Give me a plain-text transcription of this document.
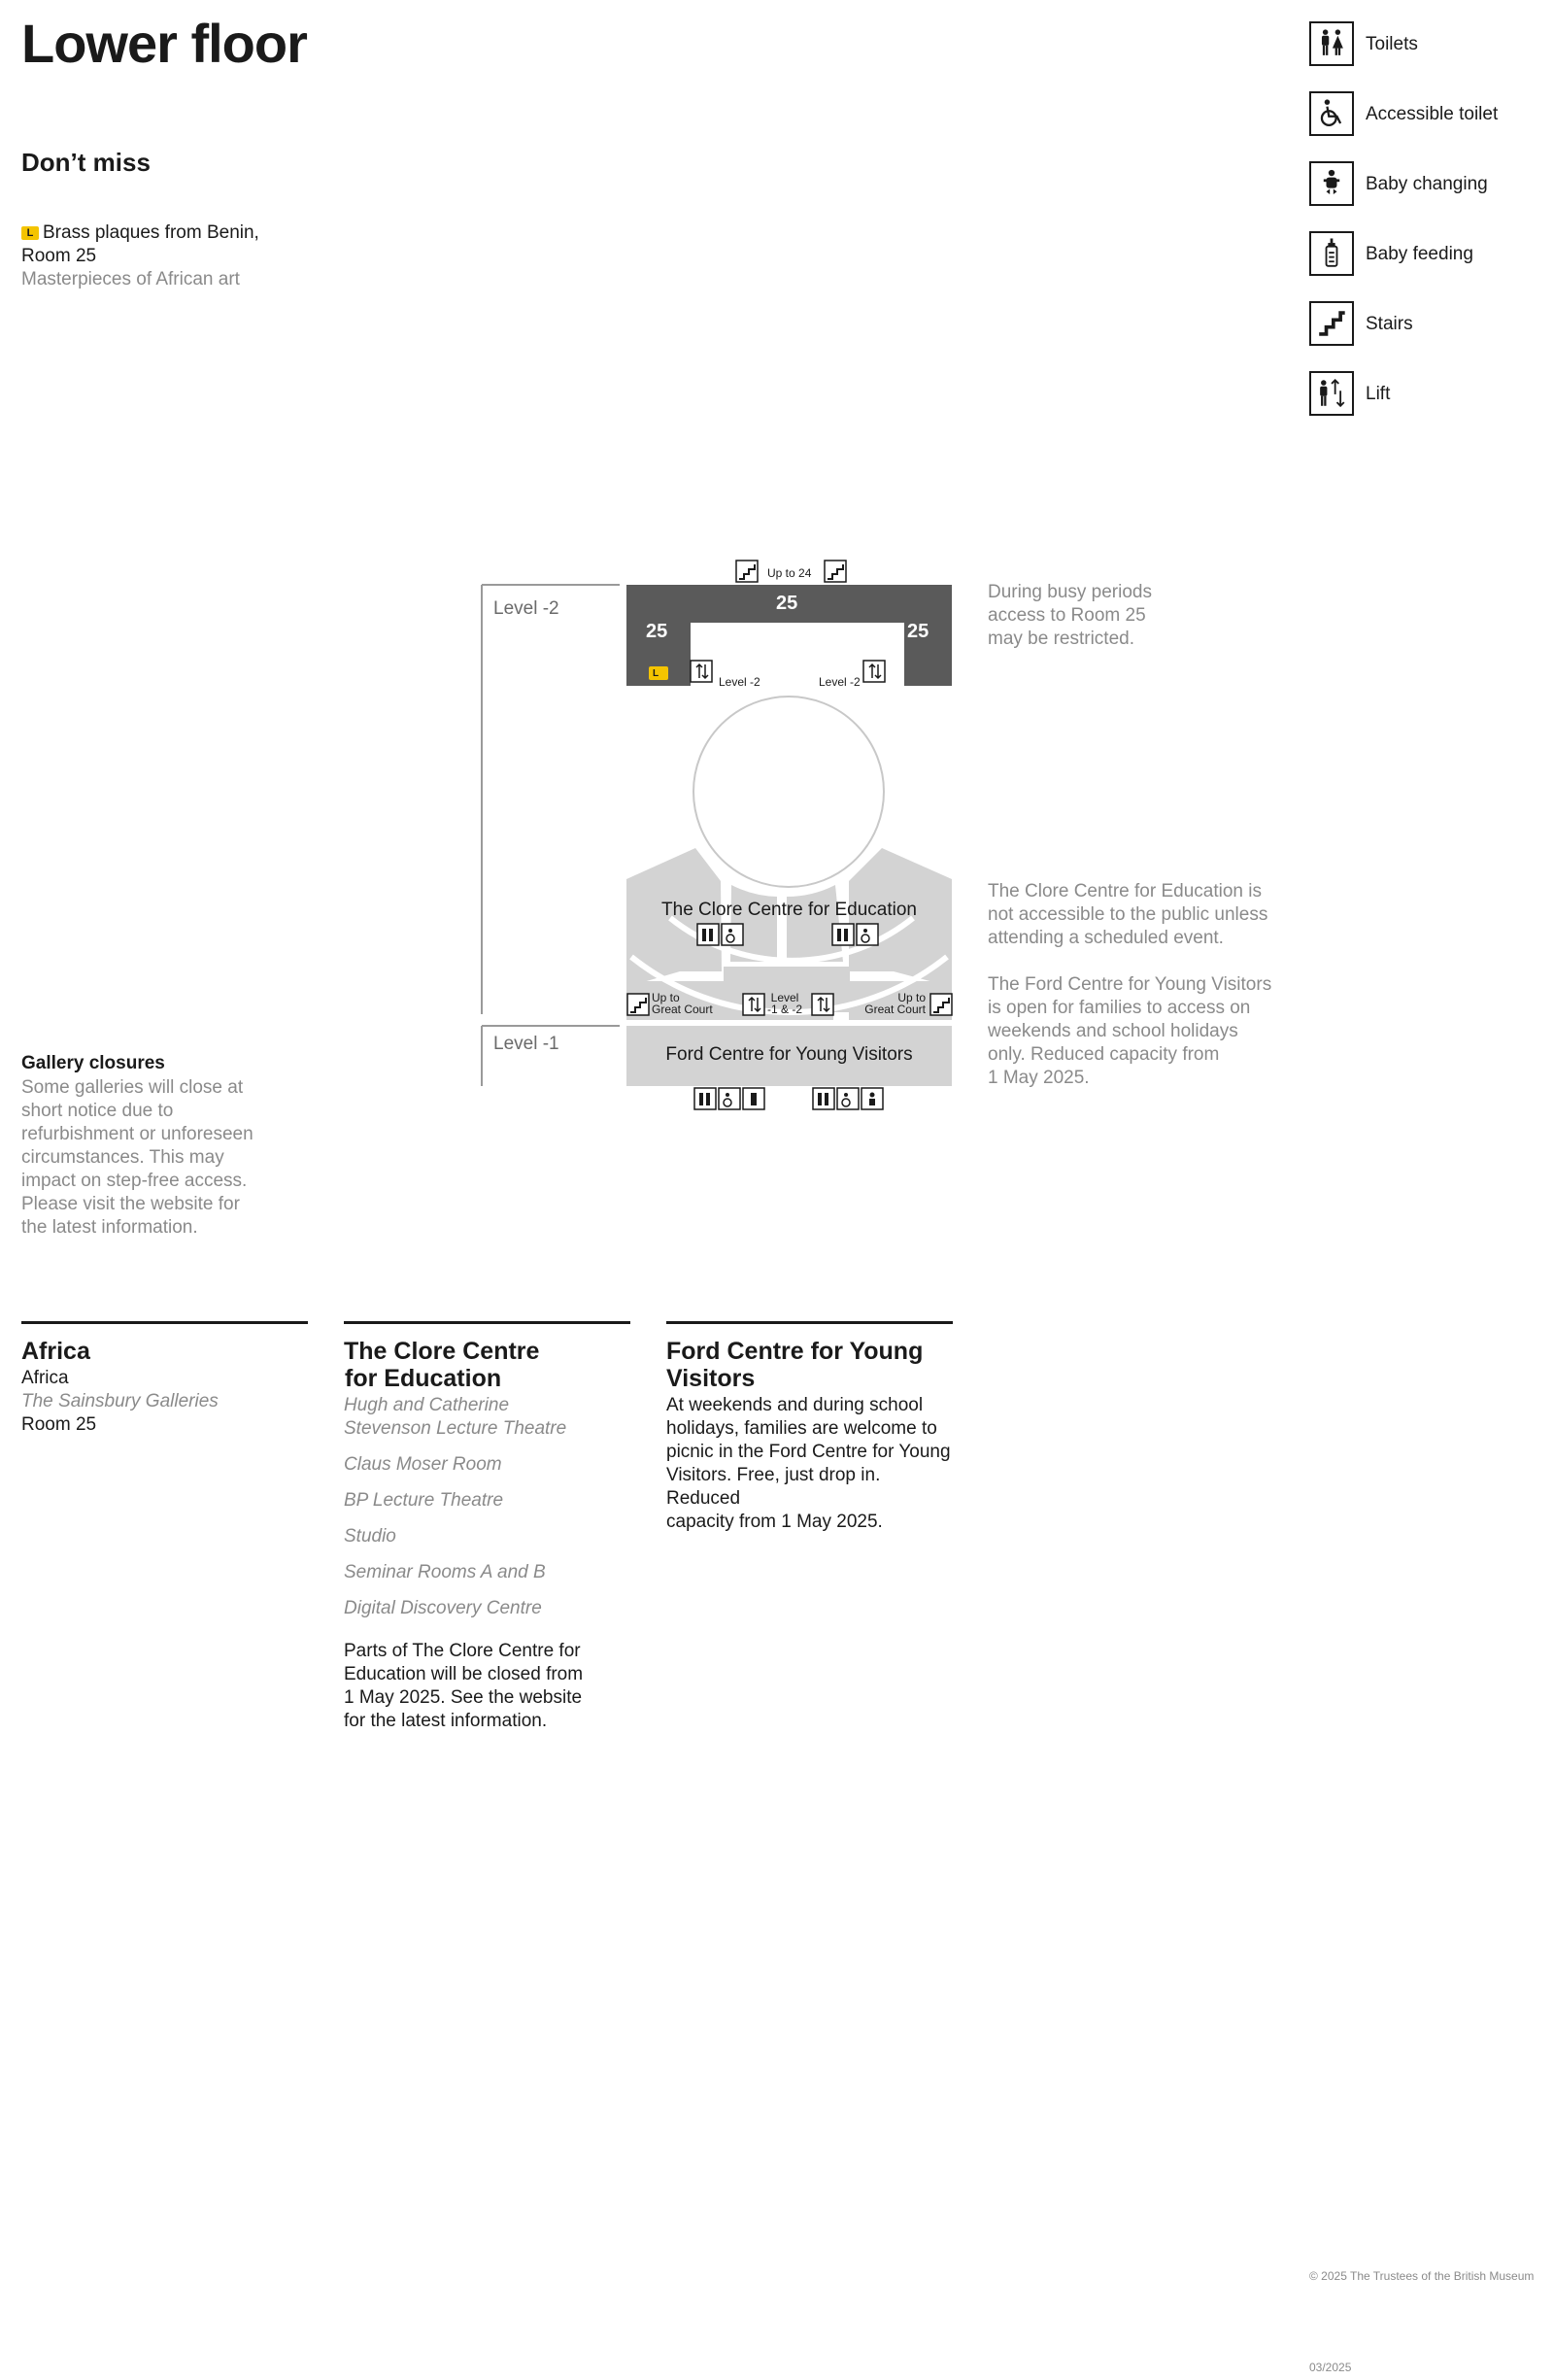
Lower floor
Don’t miss
L Brass plaques from Benin,
Room 25
Masterpieces of African art
Toilets
Accessible toilet
Baby changing
Baby feeding
Stairs
Lift
Up to 24
Level -2
Level -1
25
25	25
L
Level -2	Level -2
The Clore Centre for Education
Up to
Great Court
Level
-1 & -2
Up to
Great Court
Ford Centre for Young Visitors
During busy periods
access to Room 25
may be restricted.
The Clore Centre for Education is
not accessible to the public unless
attending a scheduled event.
The Ford Centre for Young Visitors
is open for families to access on
weekends and school holidays
only. Reduced capacity from
1 May 2025.
Gallery closures
Some galleries will close at
short notice due to
refurbishment or unforeseen
circumstances. This may
impact on step-free access.
Please visit the website for
the latest information.
Africa
Africa
The Sainsbury Galleries
Room 25
The Clore Centre
for Education
Hugh and Catherine Stevenson Lecture Theatre
Claus Moser Room
BP Lecture Theatre
Studio
Seminar Rooms A and B
Digital Discovery Centre
Parts of The Clore Centre for
Education will be closed from
1 May 2025. See the website
for the latest information.
Ford Centre for Young
Visitors
At weekends and during school
holidays, families are welcome to
picnic in the Ford Centre for Young
Visitors. Free, just drop in. Reduced
capacity from 1 May 2025.
© 2025 The Trustees of the British Museum
03/2025
